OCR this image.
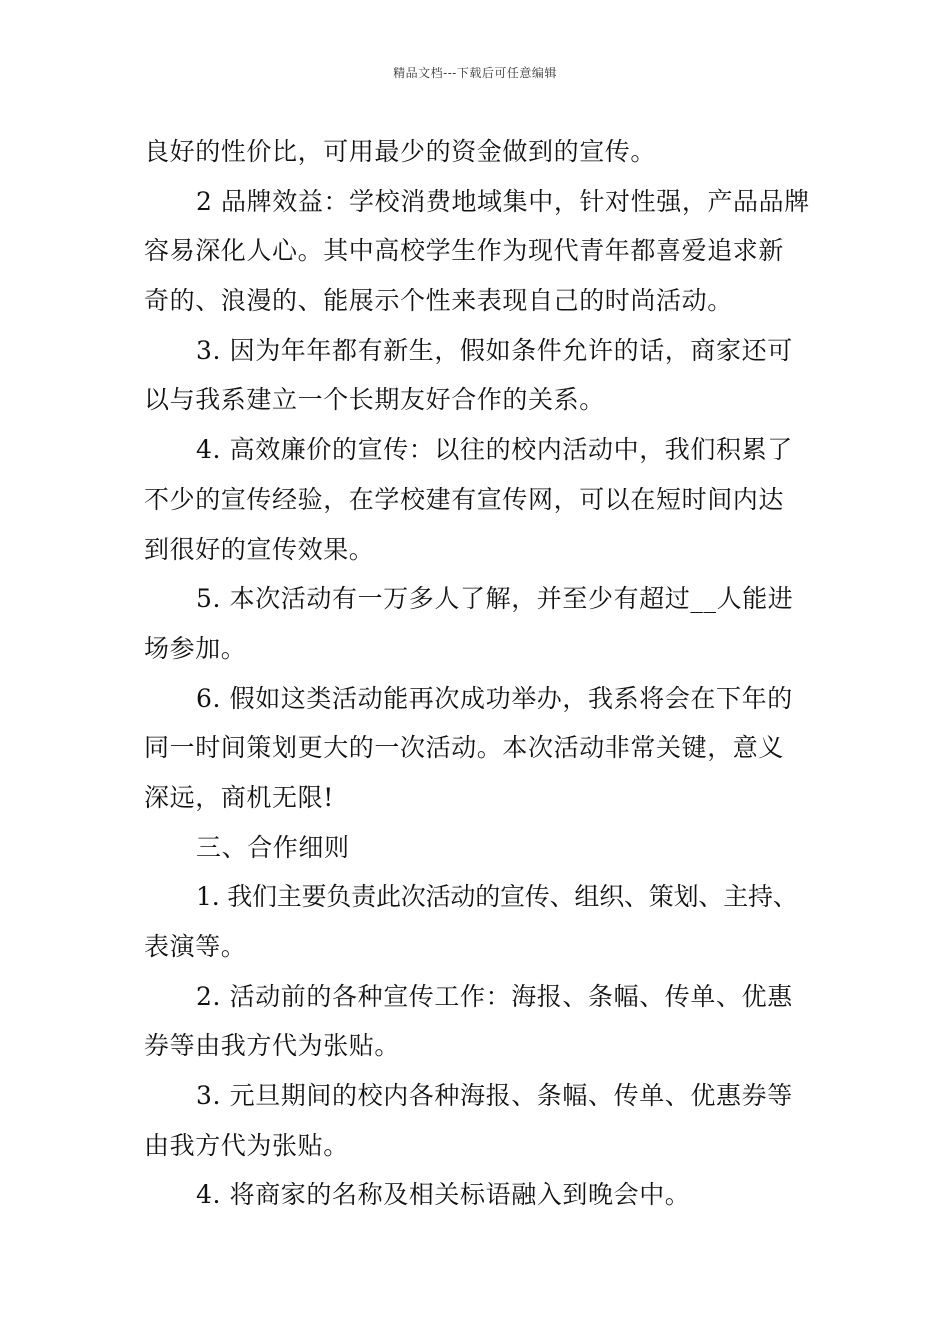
精品文档---下载后可任意编辑
良好的性价比，可用最少的资金做到的宣传。
2 品牌效益：学校消费地域集中，针对性强，产品品牌
容易深化人心。其中高校学生作为现代青年都喜爱追求新
奇的、浪漫的、能展示个性来表现自己的时尚活动。
3. 因为年年都有新生，假如条件允许的话，商家还可
以与我系建立一个长期友好合作的关系。
4. 高效廉价的宣传：以往的校内活动中，我们积累了
不少的宣传经验，在学校建有宣传网，可以在短时间内达
到很好的宣传效果。
5. 本次活动有一万多人了解，并至少有超过__人能进
场参加。
6. 假如这类活动能再次成功举办，我系将会在下年的
同一时间策划更大的一次活动。本次活动非常关键，意义
深远，商机无限!
三、合作细则
1. 我们主要负责此次活动的宣传、组织、策划、主持、
表演等。
2. 活动前的各种宣传工作：海报、条幅、传单、优惠
券等由我方代为张贴。
3. 元旦期间的校内各种海报、条幅、传单、优惠券等
由我方代为张贴。
4. 将商家的名称及相关标语融入到晚会中。
